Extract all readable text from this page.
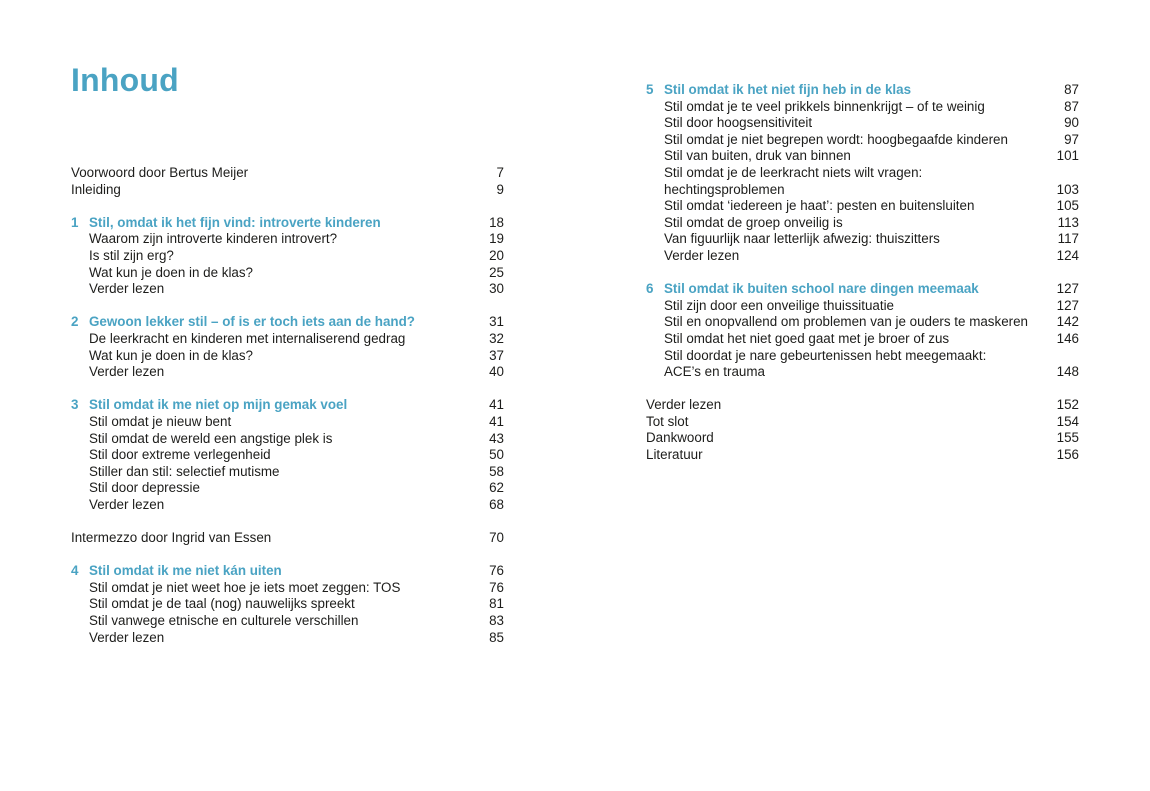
Inhoud
Voorwoord door Bertus Meijer	7
Inleiding	9
1 Stil, omdat ik het fijn vind: introverte kinderen	18
Waarom zijn introverte kinderen introvert?	19
Is stil zijn erg?	20
Wat kun je doen in de klas?	25
Verder lezen	30
2 Gewoon lekker stil – of is er toch iets aan de hand?	31
De leerkracht en kinderen met internaliserend gedrag	32
Wat kun je doen in de klas?	37
Verder lezen	40
3 Stil omdat ik me niet op mijn gemak voel	41
Stil omdat je nieuw bent	41
Stil omdat de wereld een angstige plek is	43
Stil door extreme verlegenheid	50
Stiller dan stil: selectief mutisme	58
Stil door depressie	62
Verder lezen	68
Intermezzo door Ingrid van Essen	70
4 Stil omdat ik me niet kán uiten	76
Stil omdat je niet weet hoe je iets moet zeggen: TOS	76
Stil omdat je de taal (nog) nauwelijks spreekt	81
Stil vanwege etnische en culturele verschillen	83
Verder lezen	85
5 Stil omdat ik het niet fijn heb in de klas	87
Stil omdat je te veel prikkels binnenkrijgt – of te weinig	87
Stil door hoogsensitiviteit	90
Stil omdat je niet begrepen wordt: hoogbegaafde kinderen	97
Stil van buiten, druk van binnen	101
Stil omdat je de leerkracht niets wilt vragen:
hechtingsproblemen	103
Stil omdat ‘iedereen je haat’: pesten en buitensluiten	105
Stil omdat de groep onveilig is	113
Van figuurlijk naar letterlijk afwezig: thuiszitters	117
Verder lezen	124
6 Stil omdat ik buiten school nare dingen meemaak	127
Stil zijn door een onveilige thuissituatie	127
Stil en onopvallend om problemen van je ouders te maskeren 142
Stil omdat het niet goed gaat met je broer of zus	146
Stil doordat je nare gebeurtenissen hebt meegemaakt:
ACE’s en trauma	148
Verder lezen	152
Tot slot	154
Dankwoord	155
Literatuur	156
